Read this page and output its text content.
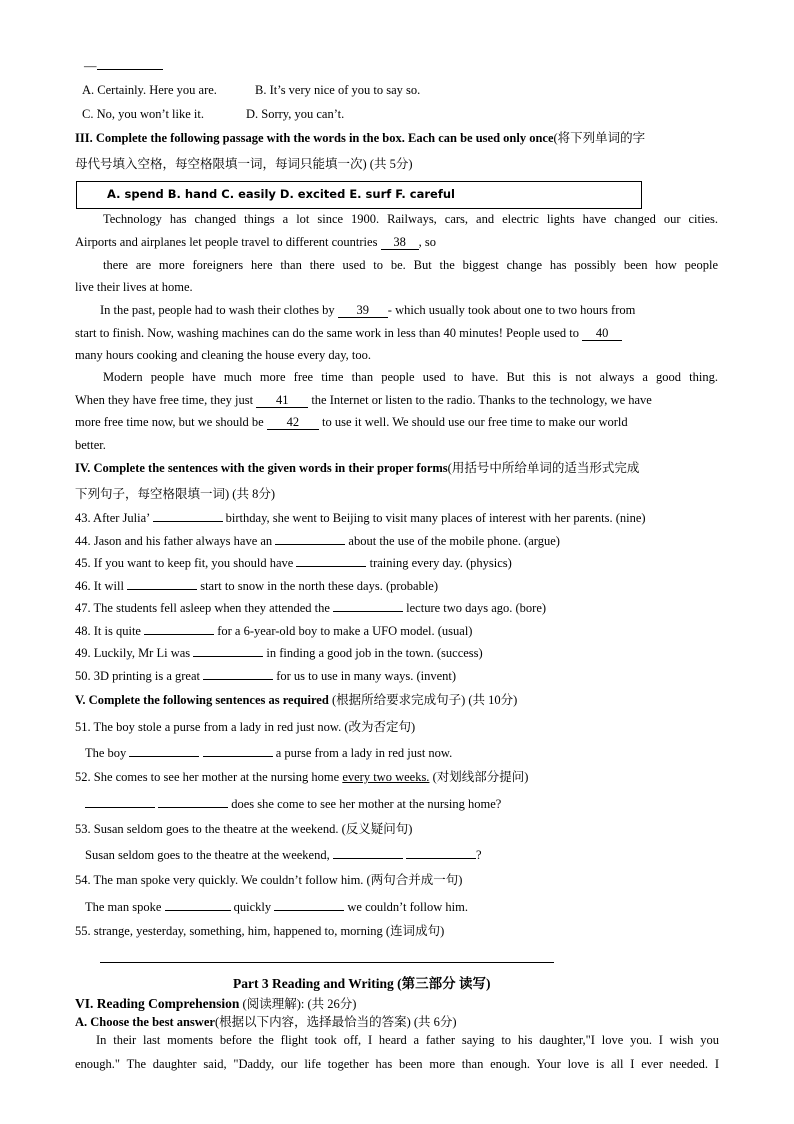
—
A. Certainly. Here you are.	B. It’s very nice of you to say so.
C. No, you won’t like it.	D. Sorry, you can’t.
III. Complete the following passage with the words in the box. Each can be used only once(将下列单词的字
母代号填入空格，每空格限填一词，每词只能填一次) (共 5分)
A. spend B. hand C. easily D. excited E. surf F. careful
Technology has changed things a lot since 1900. Railways, cars, and electric lights have changed our cities.
Airports and airplanes let people travel to different countries 38 , so
there are more foreigners here than there used to be. But the biggest change has possibly been how people
live their lives at home.
In the past, people had to wash their clothes by 39 - which usually took about one to two hours from
start to finish. Now, washing machines can do the same work in less than 40 minutes! People used to 40
many hours cooking and cleaning the house every day, too.
Modern people have much more free time than people used to have. But this is not always a good thing.
When they have free time, they just 41 the Internet or listen to the radio. Thanks to the technology, we have
more free time now, but we should be 42 to use it well. We should use our free time to make our world
better.
IV. Complete the sentences with the given words in their proper forms(用括号中所给单词的适当形式完成
下列句子，每空格限填一词) (共 8分)
43. After Julia’	birthday, she went to Beijing to visit many places of interest with her parents. (nine)
44. Jason and his father always have an	about the use of the mobile phone. (argue)
45. If you want to keep fit, you should have	training every day. (physics)
46. It will	start to snow in the north these days. (probable)
47. The students fell asleep when they attended the	lecture two days ago. (bore)
48. It is quite	for a 6-year-old boy to make a UFO model. (usual)
49. Luckily, Mr Li was	in finding a good job in the town. (success)
50. 3D printing is a great	for us to use in many ways. (invent)
V. Complete the following sentences as required (根据所给要求完成句子) (共 10分)
51. The boy stole a purse from a lady in red just now. (改为否定句)
The boy	a purse from a lady in red just now.
52. She comes to see her mother at the nursing home every two weeks. (对划线部分提问)
does she come to see her mother at the nursing home?
53. Susan seldom goes to the theatre at the weekend. (反义疑问句)
Susan seldom goes to the theatre at the weekend,	?
54. The man spoke very quickly. We couldn’t follow him. (两句合并成一句)
The man spoke	quickly	we couldn’t follow him.
55. strange, yesterday, something, him, happened to, morning (连词成句)
Part 3 Reading and Writing (第三部分 读写)
VI. Reading Comprehension (阅读理解): (共 26分)
A. Choose the best answer(根据以下内容，选择最恰当的答案) (共 6分)
In their last moments before the flight took off, I heard a father saying to his daughter,"I love you. I wish you
enough." The daughter said, "Daddy, our life together has been more than enough. Your love is all I ever needed. I
